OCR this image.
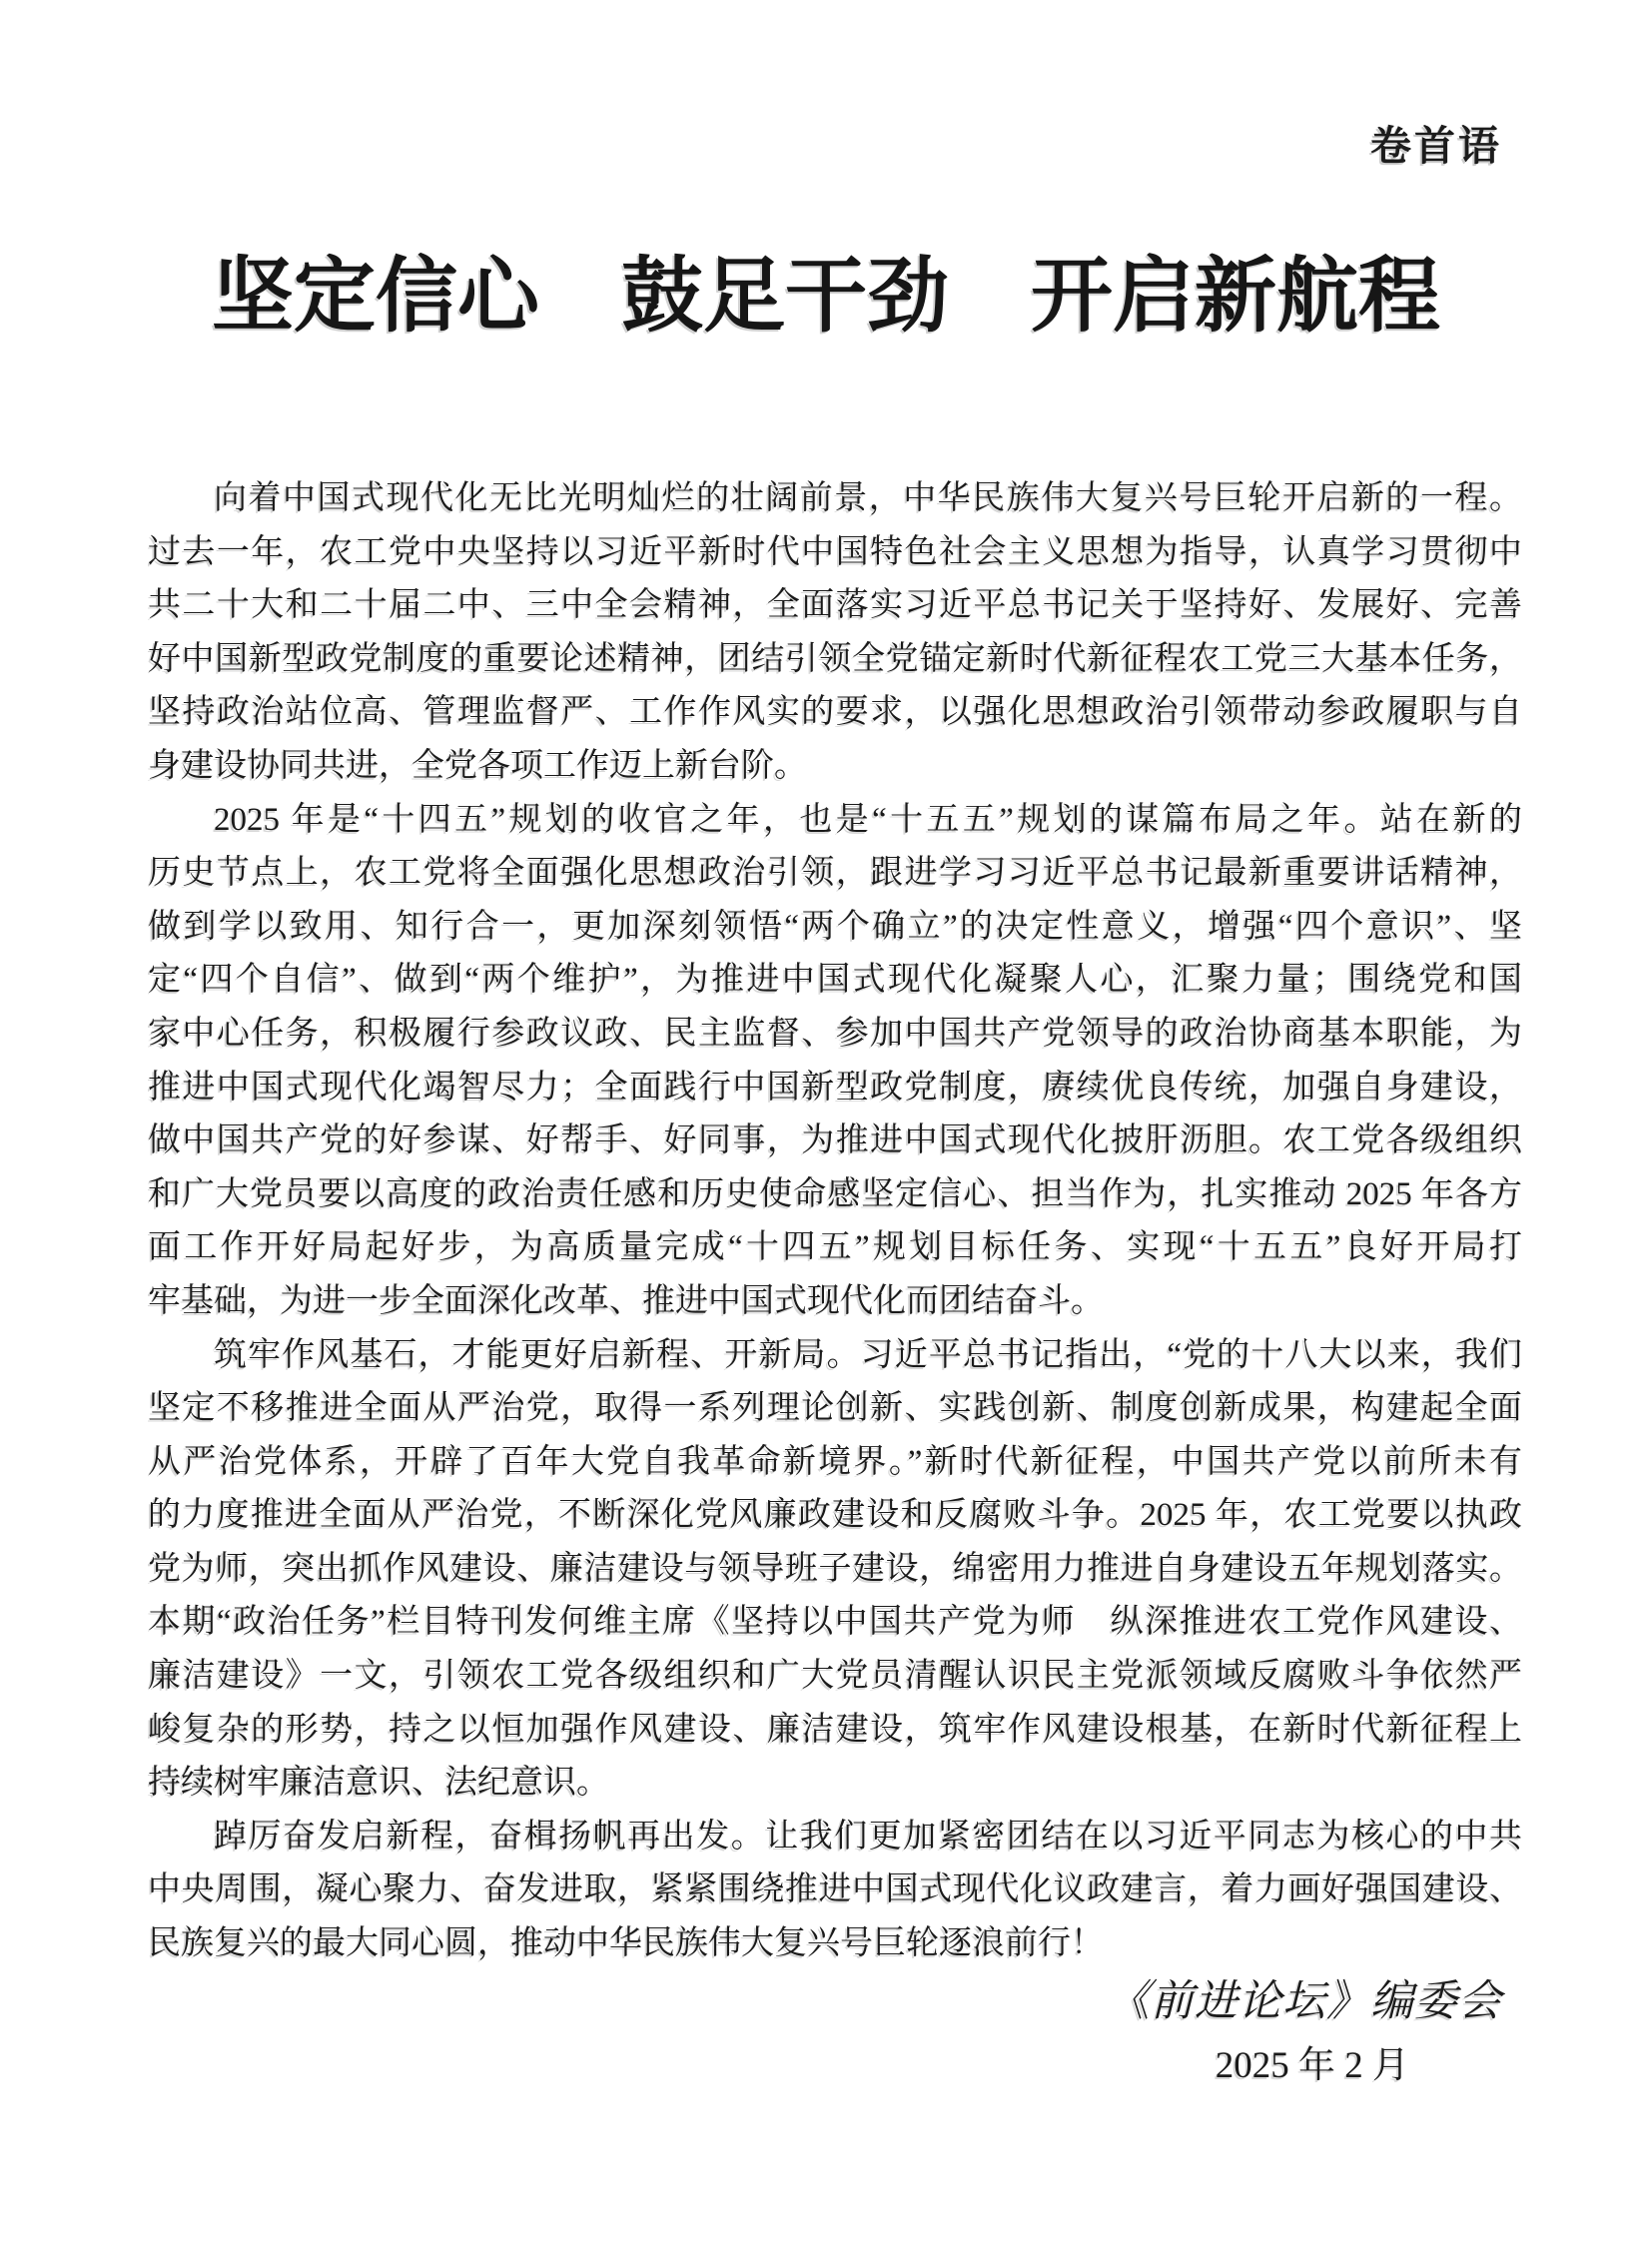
卷首语
坚定信心　鼓足干劲　开启新航程
向着中国式现代化无比光明灿烂的壮阔前景，中华民族伟大复兴号巨轮开启新的一程。
过去一年，农工党中央坚持以习近平新时代中国特色社会主义思想为指导，认真学习贯彻中
共二十大和二十届二中、三中全会精神，全面落实习近平总书记关于坚持好、发展好、完善
好中国新型政党制度的重要论述精神，团结引领全党锚定新时代新征程农工党三大基本任务，
坚持政治站位高、管理监督严、工作作风实的要求，以强化思想政治引领带动参政履职与自
身建设协同共进，全党各项工作迈上新台阶。
2025 年是“十四五”规划的收官之年，也是“十五五”规划的谋篇布局之年。站在新的
历史节点上，农工党将全面强化思想政治引领，跟进学习习近平总书记最新重要讲话精神，
做到学以致用、知行合一，更加深刻领悟“两个确立”的决定性意义，增强“四个意识”、坚
定“四个自信”、做到“两个维护”，为推进中国式现代化凝聚人心，汇聚力量；围绕党和国
家中心任务，积极履行参政议政、民主监督、参加中国共产党领导的政治协商基本职能，为
推进中国式现代化竭智尽力；全面践行中国新型政党制度，赓续优良传统，加强自身建设，
做中国共产党的好参谋、好帮手、好同事，为推进中国式现代化披肝沥胆。农工党各级组织
和广大党员要以高度的政治责任感和历史使命感坚定信心、担当作为，扎实推动 2025 年各方
面工作开好局起好步，为高质量完成“十四五”规划目标任务、实现“十五五”良好开局打
牢基础，为进一步全面深化改革、推进中国式现代化而团结奋斗。
筑牢作风基石，才能更好启新程、开新局。习近平总书记指出，“党的十八大以来，我们
坚定不移推进全面从严治党，取得一系列理论创新、实践创新、制度创新成果，构建起全面
从严治党体系，开辟了百年大党自我革命新境界。”新时代新征程，中国共产党以前所未有
的力度推进全面从严治党，不断深化党风廉政建设和反腐败斗争。2025 年，农工党要以执政
党为师，突出抓作风建设、廉洁建设与领导班子建设，绵密用力推进自身建设五年规划落实。
本期“政治任务”栏目特刊发何维主席《坚持以中国共产党为师　纵深推进农工党作风建设、
廉洁建设》一文，引领农工党各级组织和广大党员清醒认识民主党派领域反腐败斗争依然严
峻复杂的形势，持之以恒加强作风建设、廉洁建设，筑牢作风建设根基，在新时代新征程上
持续树牢廉洁意识、法纪意识。
踔厉奋发启新程，奋楫扬帆再出发。让我们更加紧密团结在以习近平同志为核心的中共
中央周围，凝心聚力、奋发进取，紧紧围绕推进中国式现代化议政建言，着力画好强国建设、
民族复兴的最大同心圆，推动中华民族伟大复兴号巨轮逐浪前行！
《前进论坛》编委会
2025 年 2 月
